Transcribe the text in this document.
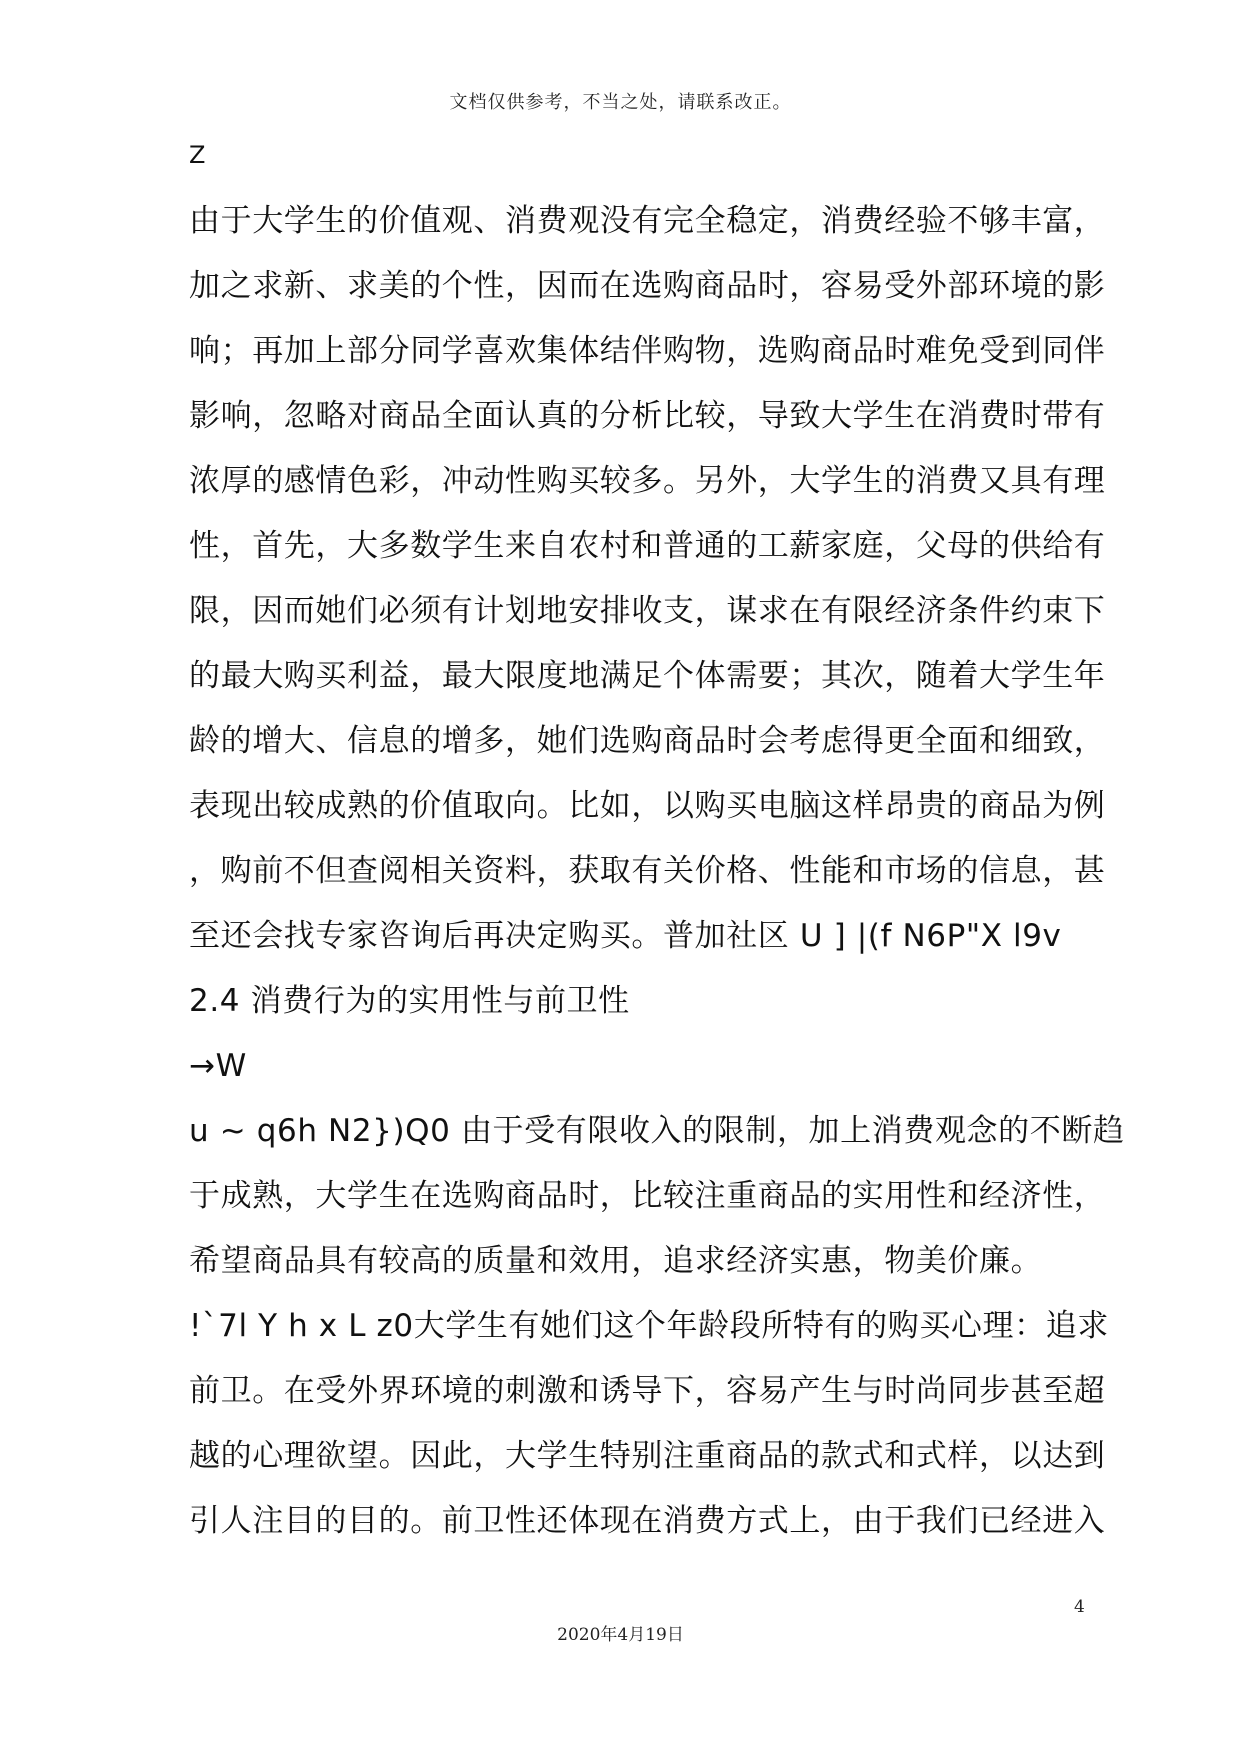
文档仅供参考，不当之处，请联系改正。
Z
由于大学生的价值观、消费观没有完全稳定，消费经验不够丰富，
加之求新、求美的个性，因而在选购商品时，容易受外部环境的影
响；再加上部分同学喜欢集体结伴购物，选购商品时难免受到同伴
影响，忽略对商品全面认真的分析比较，导致大学生在消费时带有
浓厚的感情色彩，冲动性购买较多。另外，大学生的消费又具有理
性，首先，大多数学生来自农村和普通的工薪家庭，父母的供给有
限，因而她们必须有计划地安排收支，谋求在有限经济条件约束下
的最大购买利益，最大限度地满足个体需要；其次，随着大学生年
龄的增大、信息的增多，她们选购商品时会考虑得更全面和细致，
表现出较成熟的价值取向。比如，以购买电脑这样昂贵的商品为例
，购前不但查阅相关资料，获取有关价格、性能和市场的信息，甚
至还会找专家咨询后再决定购买。普加社区 U ] |(f N6P"X l9v
2.4 消费行为的实用性与前卫性
→W
u ~ q6h N2})Q0 由于受有限收入的限制，加上消费观念的不断趋
于成熟，大学生在选购商品时，比较注重商品的实用性和经济性，
希望商品具有较高的质量和效用，追求经济实惠，物美价廉。
!`7l Y h x L z0大学生有她们这个年龄段所特有的购买心理：追求
前卫。在受外界环境的刺激和诱导下，容易产生与时尚同步甚至超
越的心理欲望。因此，大学生特别注重商品的款式和式样，以达到
引人注目的目的。前卫性还体现在消费方式上，由于我们已经进入
4
2020年4月19日
